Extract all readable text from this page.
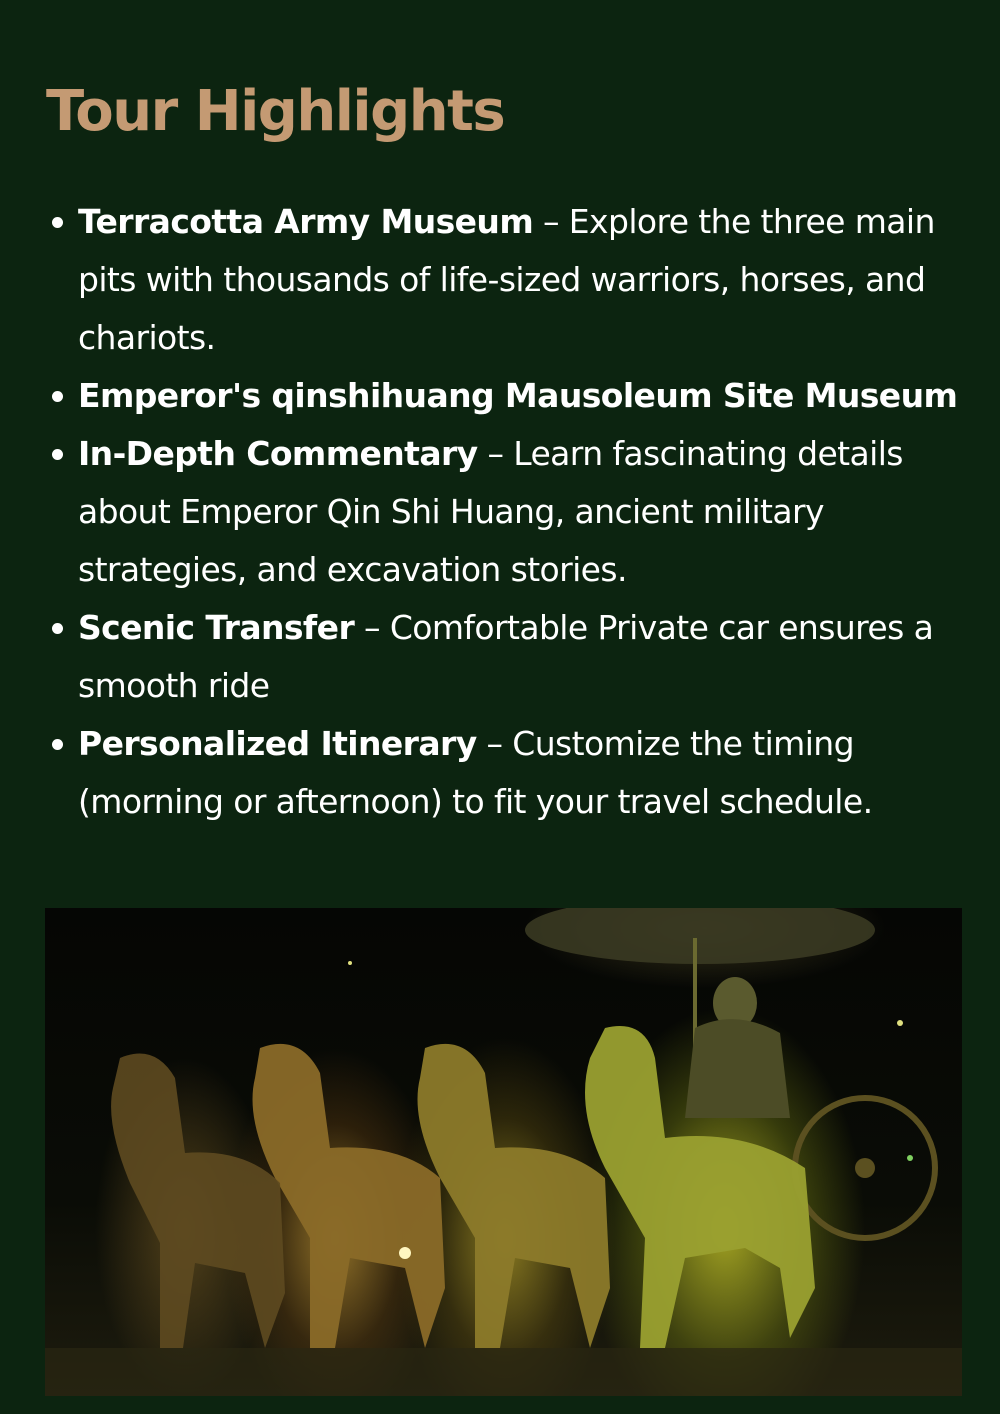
Tour Highlights
Terracotta Army Museum – Explore the three main pits with thousands of life-sized warriors, horses, and chariots.
Emperor's qinshihuang Mausoleum Site Museum
In-Depth Commentary – Learn fascinating details about Emperor Qin Shi Huang, ancient military strategies, and excavation stories.
Scenic Transfer – Comfortable Private car ensures a smooth ride
Personalized Itinerary – Customize the timing (morning or afternoon) to fit your travel schedule.
